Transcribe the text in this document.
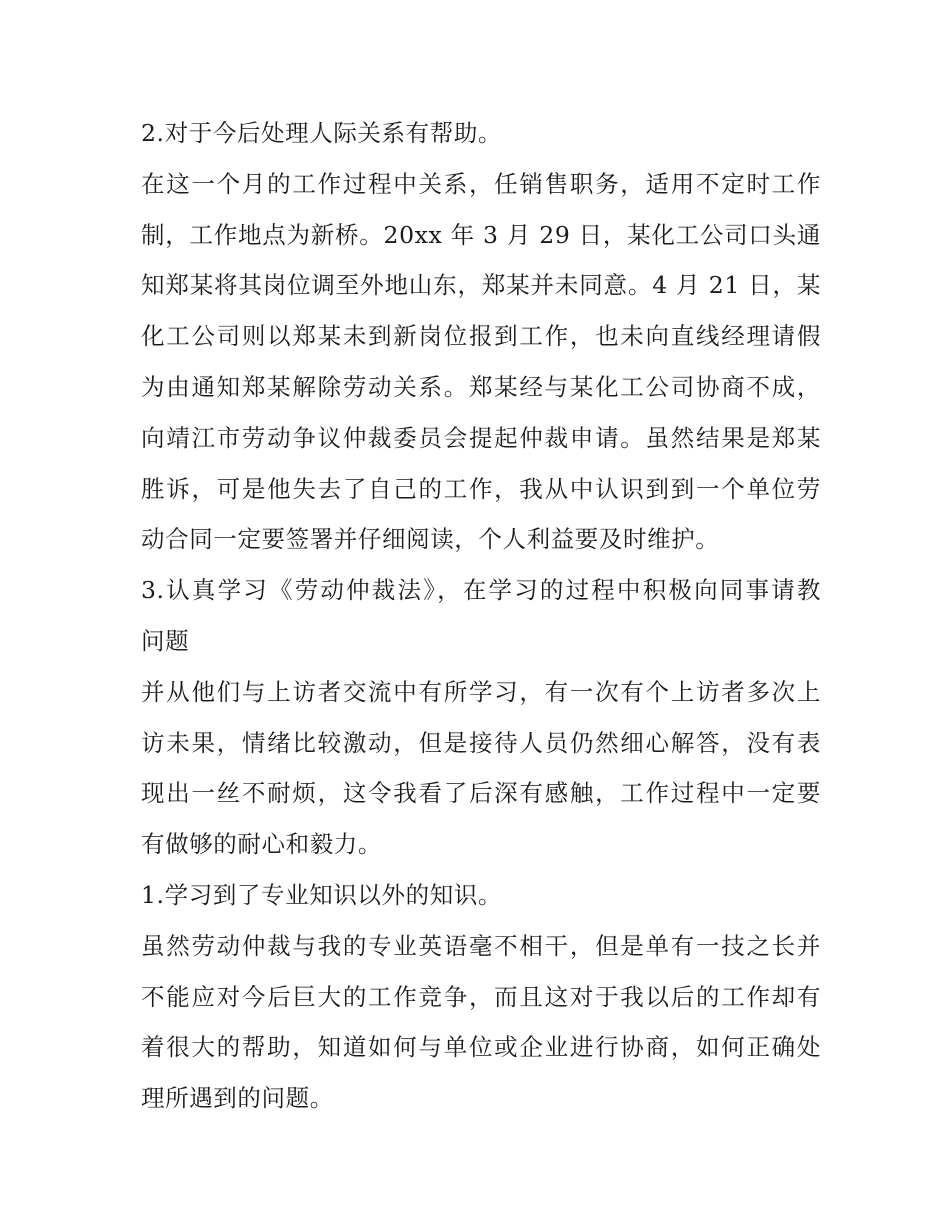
2.对于今后处理人际关系有帮助。
在这一个月的工作过程中关系，任销售职务，适用不定时工作
制，工作地点为新桥。20xx 年 3 月 29 日，某化工公司口头通
知郑某将其岗位调至外地山东，郑某并未同意。4 月 21 日，某
化工公司则以郑某未到新岗位报到工作，也未向直线经理请假
为由通知郑某解除劳动关系。郑某经与某化工公司协商不成，
向靖江市劳动争议仲裁委员会提起仲裁申请。虽然结果是郑某
胜诉，可是他失去了自己的工作，我从中认识到到一个单位劳
动合同一定要签署并仔细阅读，个人利益要及时维护。
3.认真学习《劳动仲裁法》，在学习的过程中积极向同事请教
问题
并从他们与上访者交流中有所学习，有一次有个上访者多次上
访未果，情绪比较激动，但是接待人员仍然细心解答，没有表
现出一丝不耐烦，这令我看了后深有感触，工作过程中一定要
有做够的耐心和毅力。
1.学习到了专业知识以外的知识。
虽然劳动仲裁与我的专业英语毫不相干，但是单有一技之长并
不能应对今后巨大的工作竞争，而且这对于我以后的工作却有
着很大的帮助，知道如何与单位或企业进行协商，如何正确处
理所遇到的问题。
